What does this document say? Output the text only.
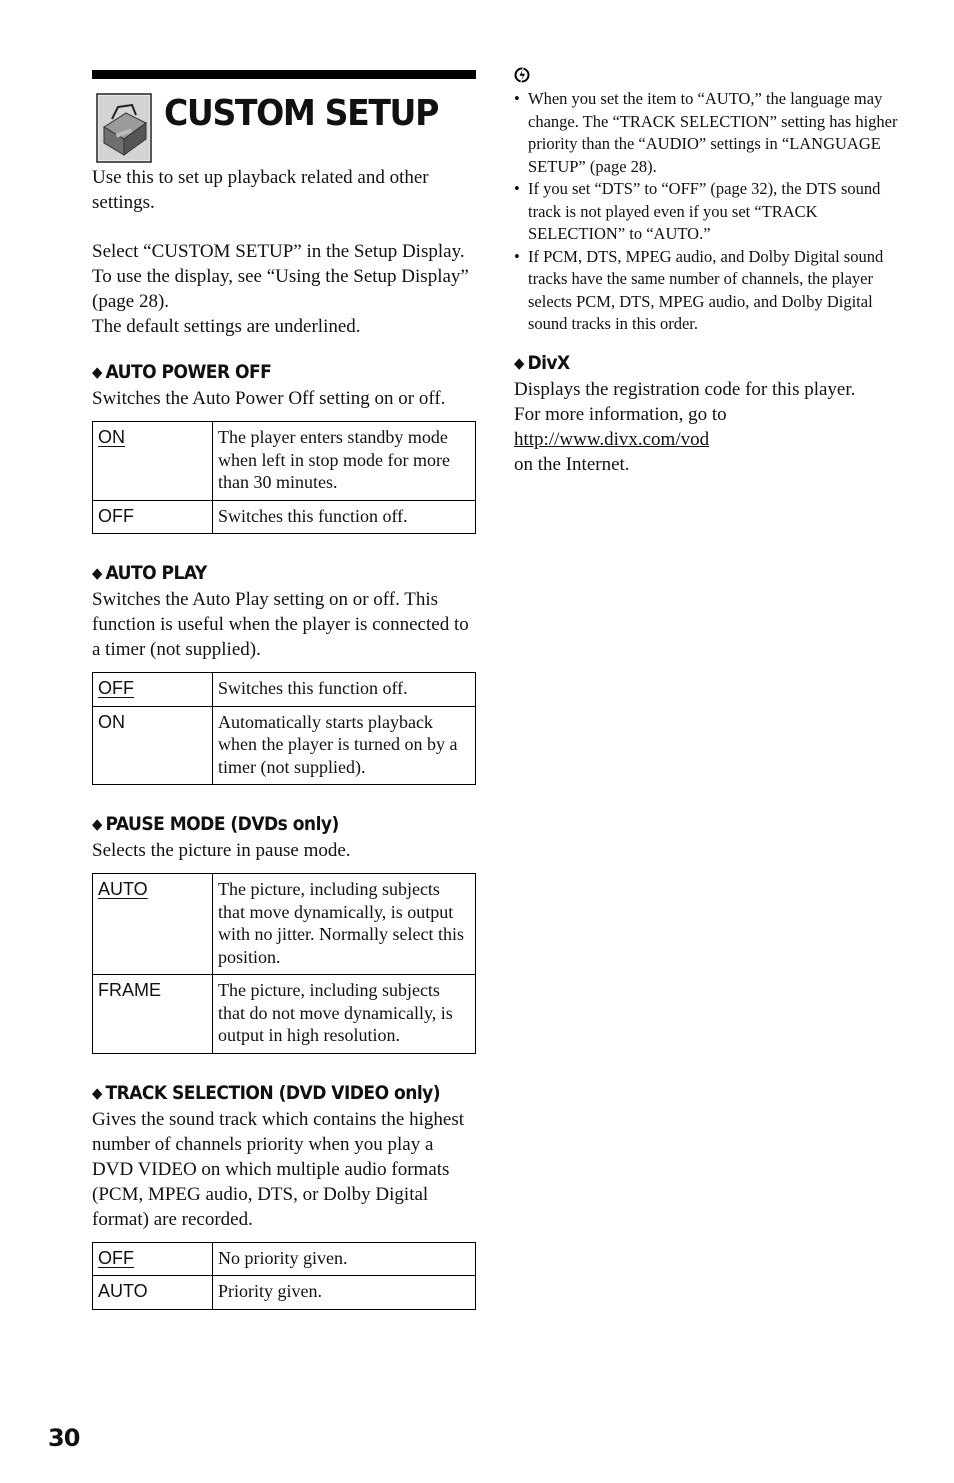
CUSTOM SETUP

Use this to set up playback related and other settings.

Select “CUSTOM SETUP” in the Setup Display. To use the display, see “Using the Setup Display” (page 28).

The default settings are underlined.

◆ AUTO POWER OFF

Switches the Auto Power Off setting on or off.

ON	The player enters standby mode when left in stop mode for more than 30 minutes.
OFF	Switches this function off.
◆ AUTO PLAY

Switches the Auto Play setting on or off. This function is useful when the player is connected to a timer (not supplied).

OFF	Switches this function off.
ON	Automatically starts playback when the player is turned on by a timer (not supplied).
◆ PAUSE MODE (DVDs only)

Selects the picture in pause mode.

AUTO	The picture, including subjects that move dynamically, is output with no jitter. Normally select this position.
FRAME	The picture, including subjects that do not move dynamically, is output in high resolution.
◆ TRACK SELECTION (DVD VIDEO only)

Gives the sound track which contains the highest number of channels priority when you play a DVD VIDEO on which multiple audio formats (PCM, MPEG audio, DTS, or Dolby Digital format) are recorded.

OFF	No priority given.
AUTO	Priority given.
• When you set the item to “AUTO,” the language may change. The “TRACK SELECTION” setting has higher priority than the “AUDIO” settings in “LANGUAGE SETUP” (page 28).
• If you set “DTS” to “OFF” (page 32), the DTS sound track is not played even if you set “TRACK SELECTION” to “AUTO.”
• If PCM, DTS, MPEG audio, and Dolby Digital sound tracks have the same number of channels, the player selects PCM, DTS, MPEG audio, and Dolby Digital sound tracks in this order.
◆ DivX

Displays the registration code for this player.

For more information, go to

http://www.divx.com/vod

on the Internet.

30
